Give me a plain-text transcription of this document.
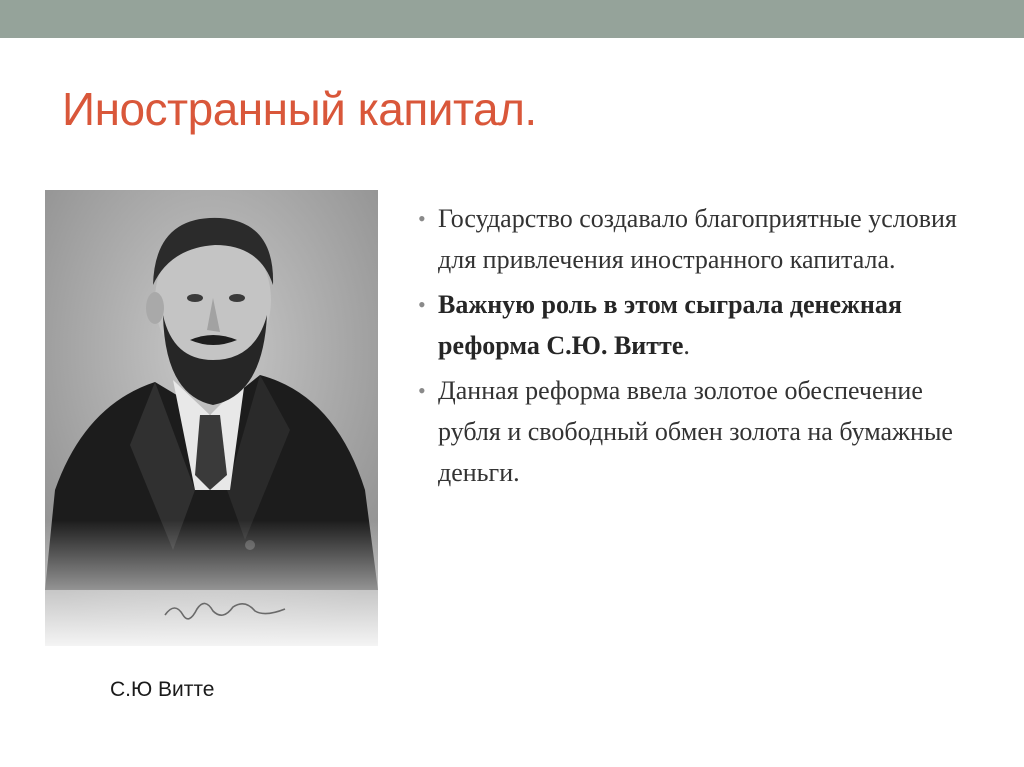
Иностранный капитал.
С.Ю Витте
• Государство создавало благоприятные условия для привлечения иностранного капитала.
• Важную роль в этом сыграла денежная реформа С.Ю. Витте.
• Данная реформа ввела золотое обеспечение рубля и свободный обмен золота на бумажные деньги.
